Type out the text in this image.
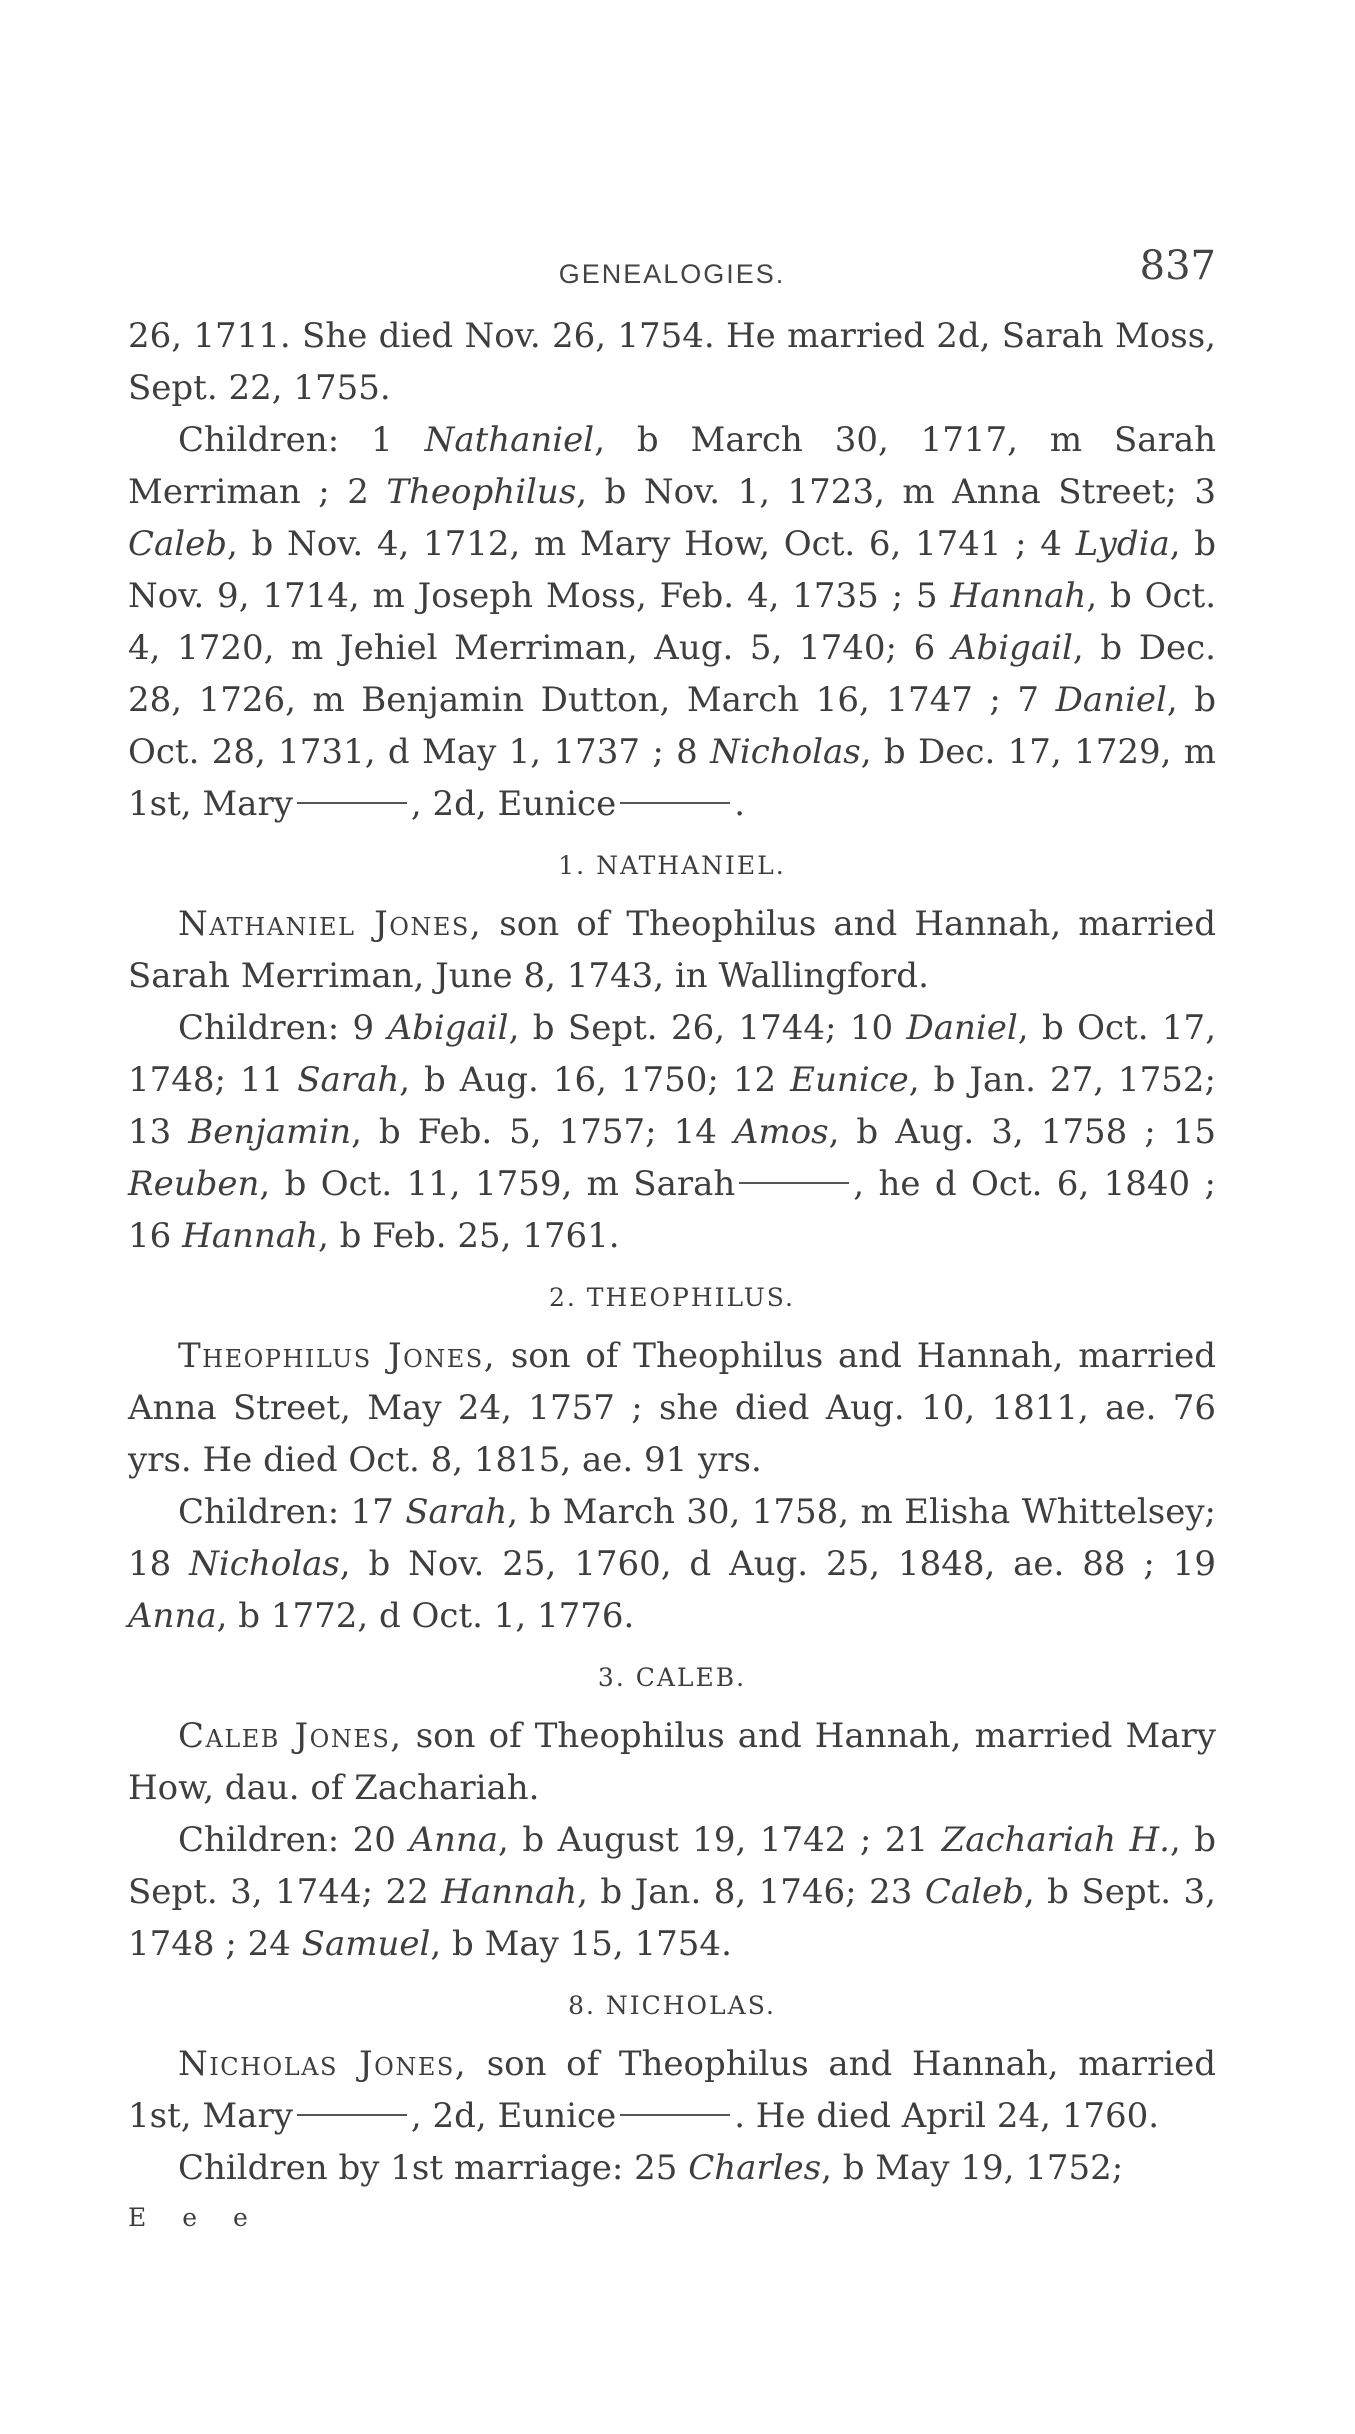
GENEALOGIES.	837

26, 1711. She died Nov. 26, 1754. He married 2d, Sarah Moss, Sept. 22, 1755.

Children: 1 Nathaniel, b March 30, 1717, m Sarah Merriman ; 2 Theophilus, b Nov. 1, 1723, m Anna Street; 3 Caleb, b Nov. 4, 1712, m Mary How, Oct. 6, 1741 ; 4 Lydia, b Nov. 9, 1714, m Joseph Moss, Feb. 4, 1735 ; 5 Hannah, b Oct. 4, 1720, m Jehiel Merriman, Aug. 5, 1740; 6 Abigail, b Dec. 28, 1726, m Benjamin Dutton, March 16, 1747 ; 7 Daniel, b Oct. 28, 1731, d May 1, 1737 ; 8 Nicholas, b Dec. 17, 1729, m 1st, Mary	, 2d, Eunice	.

1. NATHANIEL.

Nathaniel Jones, son of Theophilus and Hannah, married Sarah Merriman, June 8, 1743, in Wallingford.

Children: 9 Abigail, b Sept. 26, 1744; 10 Daniel, b Oct. 17, 1748; 11 Sarah, b Aug. 16, 1750; 12 Eunice, b Jan. 27, 1752; 13 Benjamin, b Feb. 5, 1757; 14 Amos, b Aug. 3, 1758 ; 15 Reuben, b Oct. 11, 1759, m Sarah	, he d Oct. 6, 1840 ; 16 Hannah, b Feb. 25, 1761.

2. THEOPHILUS.

Theophilus Jones, son of Theophilus and Hannah, married Anna Street, May 24, 1757 ; she died Aug. 10, 1811, ae. 76 yrs. He died Oct. 8, 1815, ae. 91 yrs.

Children: 17 Sarah, b March 30, 1758, m Elisha Whittelsey; 18 Nicholas, b Nov. 25, 1760, d Aug. 25, 1848, ae. 88 ; 19 Anna, b 1772, d Oct. 1, 1776.

3. CALEB.

Caleb Jones, son of Theophilus and Hannah, married Mary How, dau. of Zachariah.

Children: 20 Anna, b August 19, 1742 ; 21 Zachariah H., b Sept. 3, 1744; 22 Hannah, b Jan. 8, 1746; 23 Caleb, b Sept. 3, 1748 ; 24 Samuel, b May 15, 1754.

8. NICHOLAS.

Nicholas Jones, son of Theophilus and Hannah, married 1st, Mary	, 2d, Eunice	. He died April 24, 1760.

Children by 1st marriage: 25 Charles, b May 19, 1752;

E e e
